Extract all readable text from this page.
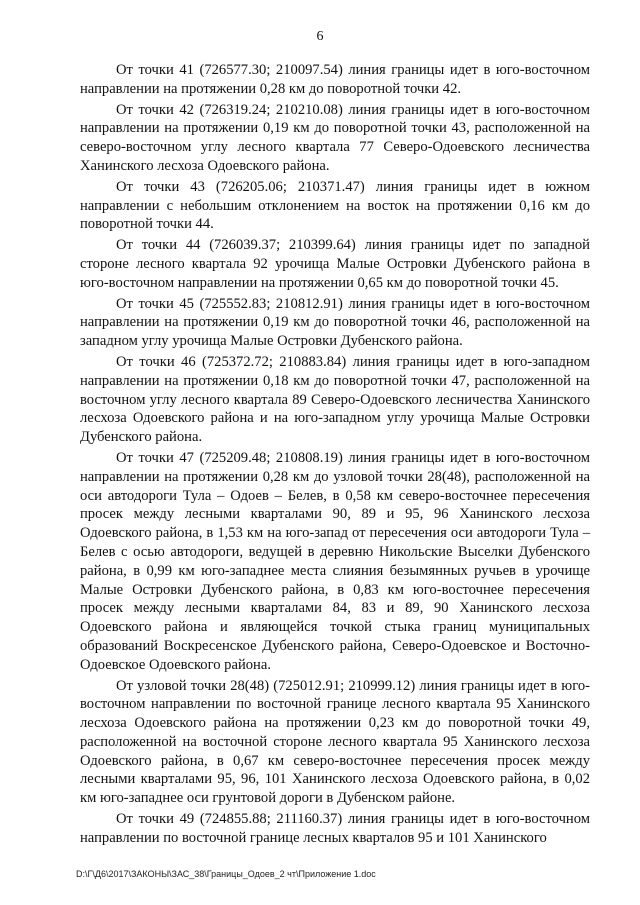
6

От точки 41 (726577.30; 210097.54) линия границы идет в юго-восточном направлении на протяжении 0,28 км до поворотной точки 42.

От точки 42 (726319.24; 210210.08) линия границы идет в юго-восточном направлении на протяжении 0,19 км до поворотной точки 43, расположенной на северо-восточном углу лесного квартала 77 Северо-Одоевского лесничества Ханинского лесхоза Одоевского района.

От точки 43 (726205.06; 210371.47) линия границы идет в южном направлении с небольшим отклонением на восток на протяжении 0,16 км до поворотной точки 44.

От точки 44 (726039.37; 210399.64) линия границы идет по западной стороне лесного квартала 92 урочища Малые Островки Дубенского района в юго-восточном направлении на протяжении 0,65 км до поворотной точки 45.

От точки 45 (725552.83; 210812.91) линия границы идет в юго-восточном направлении на протяжении 0,19 км до поворотной точки 46, расположенной на западном углу урочища Малые Островки Дубенского района.

От точки 46 (725372.72; 210883.84) линия границы идет в юго-западном направлении на протяжении 0,18 км до поворотной точки 47, расположенной на восточном углу лесного квартала 89 Северо-Одоевского лесничества Ханинского лесхоза Одоевского района и на юго-западном углу урочища Малые Островки Дубенского района.

От точки 47 (725209.48; 210808.19) линия границы идет в юго-восточном направлении на протяжении 0,28 км до узловой точки 28(48), расположенной на оси автодороги Тула – Одоев – Белев, в 0,58 км северо-восточнее пересечения просек между лесными кварталами 90, 89 и 95, 96 Ханинского лесхоза Одоевского района, в 1,53 км на юго-запад от пересечения оси автодороги Тула – Белев с осью автодороги, ведущей в деревню Никольские Выселки Дубенского района, в 0,99 км юго-западнее места слияния безымянных ручьев в урочище Малые Островки Дубенского района, в 0,83 км юго-восточнее пересечения просек между лесными кварталами 84, 83 и 89, 90 Ханинского лесхоза Одоевского района и являющейся точкой стыка границ муниципальных образований Воскресенское Дубенского района, Северо-Одоевское и Восточно-Одоевское Одоевского района.

От узловой точки 28(48) (725012.91; 210999.12) линия границы идет в юго-восточном направлении по восточной границе лесного квартала 95 Ханинского лесхоза Одоевского района на протяжении 0,23 км до поворотной точки 49, расположенной на восточной стороне лесного квартала 95 Ханинского лесхоза Одоевского района, в 0,67 км северо-восточнее пересечения просек между лесными кварталами 95, 96, 101 Ханинского лесхоза Одоевского района, в 0,02 км юго-западнее оси грунтовой дороги в Дубенском районе.

От точки 49 (724855.88; 211160.37) линия границы идет в юго-восточном направлении по восточной границе лесных кварталов 95 и 101 Ханинского

D:\Г\Д6\2017\ЗАКОНЫ\ЗАС_38\Границы_Одоев_2 чт\Приложение 1.doc
